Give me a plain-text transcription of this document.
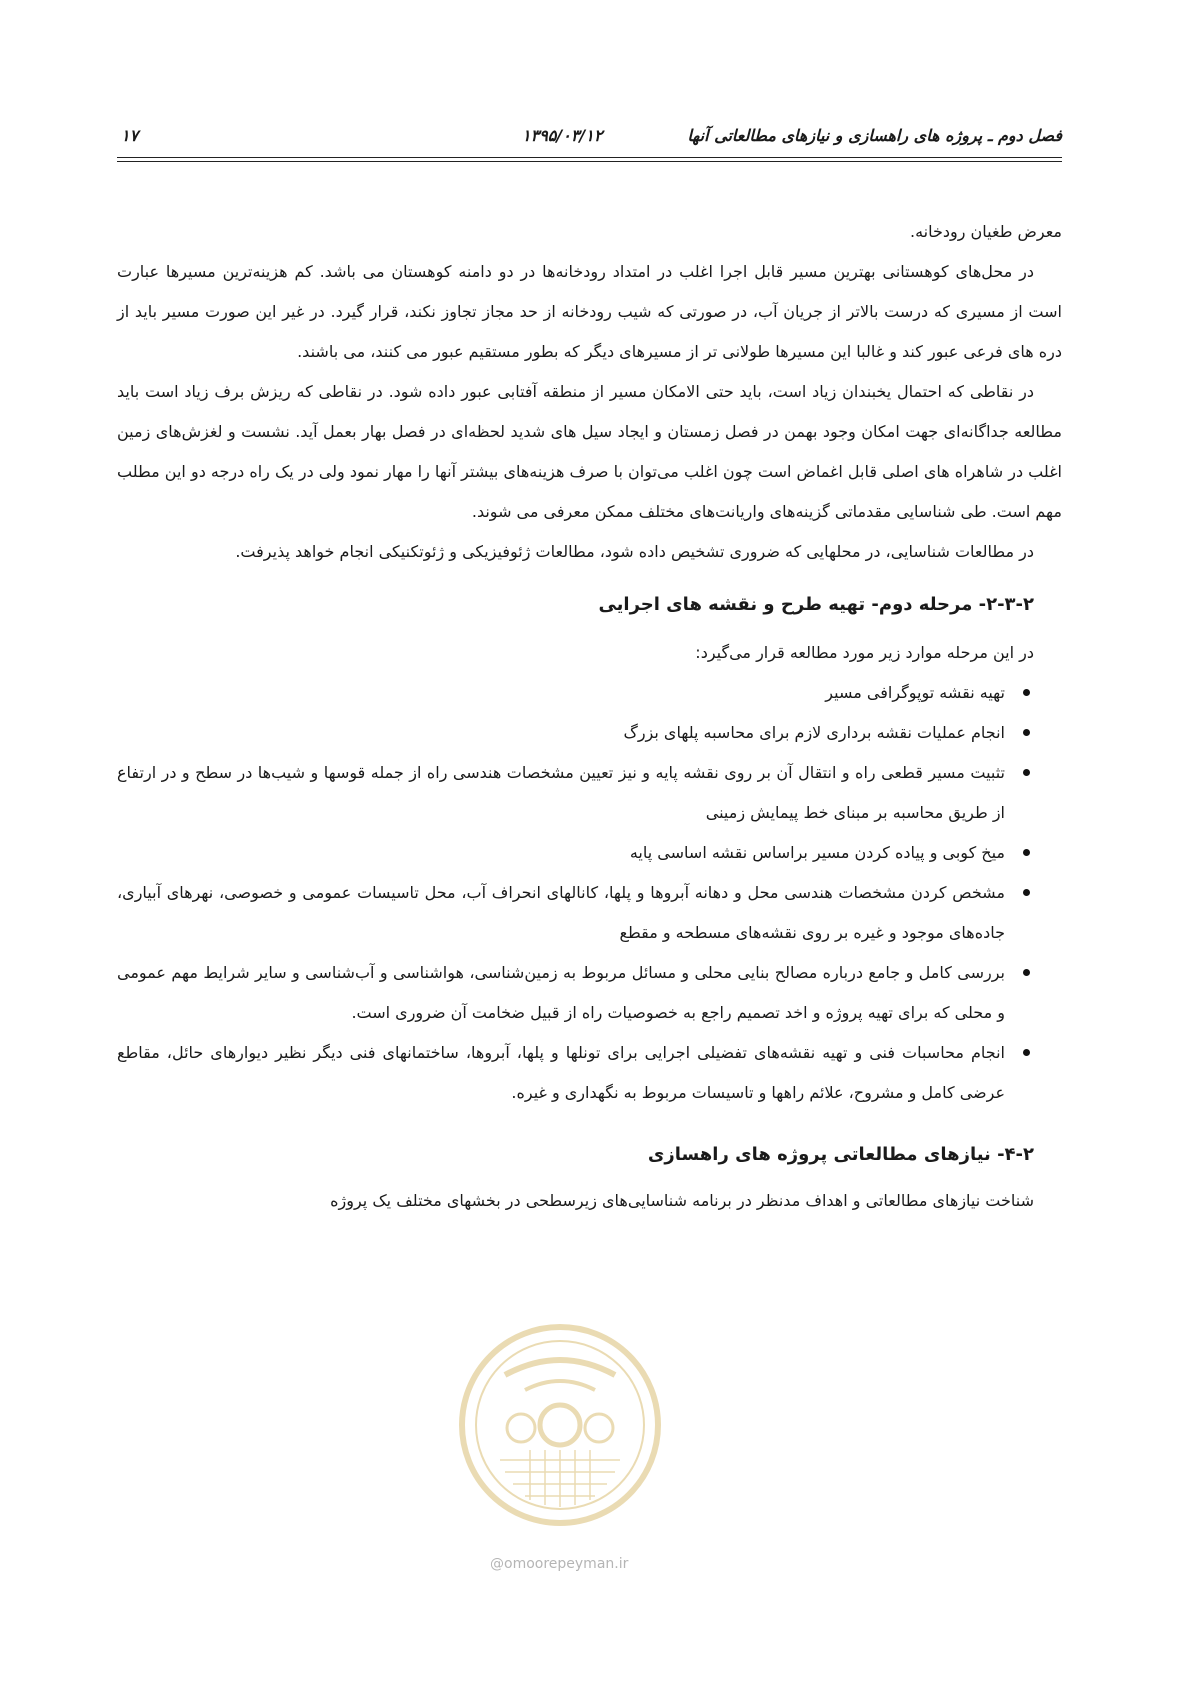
۱۷	۱۳۹۵/۰۳/۱۲	فصل دوم ـ پروژه های راهسازی و نیازهای مطالعاتی آنها

معرض طغیان رودخانه.

در محل‌های کوهستانی بهترین مسیر قابل اجرا اغلب در امتداد رودخانه‌ها در دو دامنه کوهستان می باشد. کم هزینه‌ترین مسیرها عبارت است از مسیری که درست بالاتر از جریان آب، در صورتی که شیب رودخانه از حد مجاز تجاوز نکند، قرار گیرد. در غیر این صورت مسیر باید از دره های فرعی عبور کند و غالبا این مسیرها طولانی تر از مسیرهای دیگر که بطور مستقیم عبور می کنند، می باشند.

در نقاطی که احتمال یخبندان زیاد است، باید حتی الامکان مسیر از منطقه آفتابی عبور داده شود. در نقاطی که ریزش برف زیاد است باید مطالعه جداگانه‌ای جهت امکان وجود بهمن در فصل زمستان و ایجاد سیل های شدید لحظه‌ای در فصل بهار بعمل آید. نشست و لغزش‌های زمین اغلب در شاهراه های اصلی قابل اغماض است چون اغلب می‌توان با صرف هزینه‌های بیشتر آنها را مهار نمود ولی در یک راه درجه دو این مطلب مهم است. طی شناسایی مقدماتی گزینه‌های واریانت‌های مختلف ممکن معرفی می شوند.

در مطالعات شناسایی، در محلهایی که ضروری تشخیص داده شود، مطالعات ژئوفیزیکی و ژئوتکنیکی انجام خواهد پذیرفت.

۲-۳-۲- مرحله دوم- تهیه طرح و نقشه های اجرایی

در این مرحله موارد زیر مورد مطالعه قرار می‌گیرد:

تهیه نقشه توپوگرافی مسیر
انجام عملیات نقشه برداری لازم برای محاسبه پلهای بزرگ
تثبیت مسیر قطعی راه و انتقال آن بر روی نقشه پایه و نیز تعیین مشخصات هندسی راه از جمله قوسها و شیب‌ها در سطح و در ارتفاع از طریق محاسبه بر مبنای خط پیمایش زمینی
میخ کوبی و پیاده کردن مسیر براساس نقشه اساسی پایه
مشخص کردن مشخصات هندسی محل و دهانه آبروها و پلها، کانالهای انحراف آب، محل تاسیسات عمومی و خصوصی، نهرهای آبیاری، جاده‌های موجود و غیره بر روی نقشه‌های مسطحه و مقطع
بررسی کامل و جامع درباره مصالح بنایی محلی و مسائل مربوط به زمین‌شناسی، هواشناسی و آب‌شناسی و سایر شرایط مهم عمومی و محلی که برای تهیه پروژه و اخد تصمیم راجع به خصوصیات راه از قبیل ضخامت آن ضروری است.
انجام محاسبات فنی و تهیه نقشه‌های تفضیلی اجرایی برای تونلها و پلها، آبروها، ساختمانهای فنی دیگر نظیر دیوارهای حائل، مقاطع عرضی کامل و مشروح، علائم راهها و تاسیسات مربوط به نگهداری و غیره.
۴-۲- نیازهای مطالعاتی پروژه های راهسازی

شناخت نیازهای مطالعاتی و اهداف مدنظر در برنامه شناسایی‌های زیرسطحی در بخشهای مختلف یک پروژه

@omoorepeyman.ir
